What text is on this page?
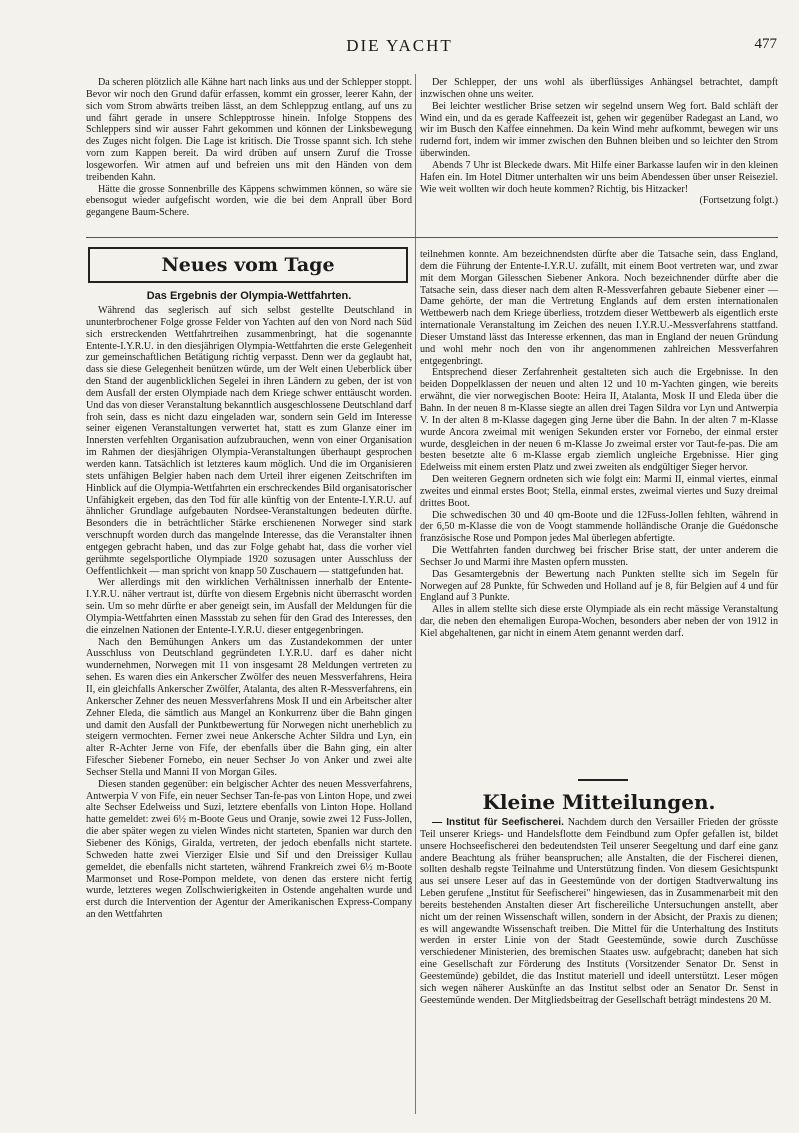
DIE YACHT	477

Da scheren plötzlich alle Kähne hart nach links aus und der Schlepper stoppt. Bevor wir noch den Grund dafür erfassen, kommt ein grosser, leerer Kahn, der sich vom Strom abwärts treiben lässt, an dem Schleppzug entlang, auf uns zu und fährt gerade in unsere Schlepptrosse hinein. Infolge Stoppens des Schleppers sind wir ausser Fahrt gekommen und können der Linksbewegung des Zuges nicht folgen. Die Lage ist kritisch. Die Trosse spannt sich. Ich stehe vorn zum Kappen bereit. Da wird drüben auf unsern Zuruf die Trosse losgeworfen. Wir atmen auf und befreien uns mit den Händen von dem treibenden Kahn.

Hätte die grosse Sonnenbrille des Käppens schwimmen können, so wäre sie ebensogut wieder aufgefischt worden, wie die bei dem Anprall über Bord gegangene Baum-Schere.

Der Schlepper, der uns wohl als überflüssiges Anhängsel betrachtet, dampft inzwischen ohne uns weiter.

Bei leichter westlicher Brise setzen wir segelnd unsern Weg fort. Bald schläft der Wind ein, und da es gerade Kaffeezeit ist, gehen wir gegenüber Radegast an Land, wo wir im Busch den Kaffee einnehmen. Da kein Wind mehr aufkommt, bewegen wir uns rudernd fort, indem wir immer zwischen den Buhnen bleiben und so leichter den Strom überwinden.

Abends 7 Uhr ist Bleckede dwars. Mit Hilfe einer Barkasse laufen wir in den kleinen Hafen ein. Im Hotel Ditmer unterhalten wir uns beim Abendessen über unser Reiseziel. Wie weit wollten wir doch heute kommen? Richtig, bis Hitzacker!

(Fortsetzung folgt.)

Neues vom Tage
Das Ergebnis der Olympia-Wettfahrten.

Während das seglerisch auf sich selbst gestellte Deutschland in ununterbrochener Folge grosse Felder von Yachten auf den von Nord nach Süd sich erstreckenden Wettfahrtreihen zusammenbringt, hat die sogenannte Entente-I.Y.R.U. in den diesjährigen Olympia-Wettfahrten die erste Gelegenheit zur gemeinschaftlichen Betätigung richtig verpasst. Denn wer da geglaubt hat, dass sie diese Gelegenheit benützen würde, um der Welt einen Ueberblick über den Stand der augenblicklichen Segelei in ihren Ländern zu geben, der ist von dem Ausfall der ersten Olympiade nach dem Kriege schwer enttäuscht worden. Und das von dieser Veranstaltung bekanntlich ausgeschlossene Deutschland darf froh sein, dass es nicht dazu eingeladen war, sondern sein Geld im Interesse seiner eigenen Veranstaltungen verwertet hat, statt es zum Glanze einer im Innersten verfehlten Organisation aufzubrauchen, wenn von einer Organisation im Rahmen der diesjährigen Olympia-Veranstaltungen überhaupt gesprochen werden kann. Tatsächlich ist letzteres kaum möglich. Und die im Organisieren stets unfähigen Belgier haben nach dem Urteil ihrer eigenen Zeitschriften im Hinblick auf die Olympia-Wettfahrten ein erschreckendes Bild organisatorischer Unfähigkeit ergeben, das den Tod für alle künftig von der Entente-I.Y.R.U. auf ähnlicher Grundlage aufgebauten Nordsee-Veranstaltungen bedeuten dürfte. Besonders die in beträchtlicher Stärke erschienenen Norweger sind stark verschnupft worden durch das mangelnde Interesse, das die Veranstalter ihnen entgegen gebracht haben, und das zur Folge gehabt hat, dass die vorher viel gerühmte segelsportliche Olympiade 1920 sozusagen unter Ausschluss der Oeffentlichkeit — man spricht von knapp 50 Zuschauern — stattgefunden hat.

Wer allerdings mit den wirklichen Verhältnissen innerhalb der Entente-I.Y.R.U. näher vertraut ist, dürfte von diesem Ergebnis nicht überrascht worden sein. Um so mehr dürfte er aber geneigt sein, im Ausfall der Meldungen für die Olympia-Wettfahrten einen Massstab zu sehen für den Grad des Interesses, den die einzelnen Nationen der Entente-I.Y.R.U. dieser entgegenbringen.

Nach den Bemühungen Ankers um das Zustandekommen der unter Ausschluss von Deutschland gegründeten I.Y.R.U. darf es daher nicht wundernehmen, Norwegen mit 11 von insgesamt 28 Meldungen vertreten zu sehen. Es waren dies ein Ankerscher Zwölfer des neuen Messverfahrens, Heira II, ein gleichfalls Ankerscher Zwölfer, Atalanta, des alten R-Messverfahrens, ein Ankerscher Zehner des neuen Messverfahrens Mosk II und ein Arbeitscher alter Zehner Eleda, die sämtlich aus Mangel an Konkurrenz über die Bahn gingen und damit den Ausfall der Punktbewertung für Norwegen nicht unerheblich zu steigern vermochten. Ferner zwei neue Ankersche Achter Sildra und Lyn, ein alter R-Achter Jerne von Fife, der ebenfalls über die Bahn ging, ein alter Fifescher Siebener Fornebo, ein neuer Sechser Jo von Anker und zwei alte Sechser Stella und Manni II von Morgan Giles.

Diesen standen gegenüber: ein belgischer Achter des neuen Messverfahrens, Antwerpia V von Fife, ein neuer Sechser Tan-fe-pas von Linton Hope, und zwei alte Sechser Edelweiss und Suzi, letztere ebenfalls von Linton Hope. Holland hatte gemeldet: zwei 6½ m-Boote Geus und Oranje, sowie zwei 12 Fuss-Jollen, die aber später wegen zu vielen Windes nicht starteten, Spanien war durch den Siebener des Königs, Giralda, vertreten, der jedoch ebenfalls nicht startete. Schweden hatte zwei Vierziger Elsie und Sif und den Dreissiger Kullau gemeldet, die ebenfalls nicht starteten, während Frankreich zwei 6½ m-Boote Marmonset und Rose-Pompon meldete, von denen das erstere nicht fertig wurde, letzteres wegen Zollschwierigkeiten in Ostende angehalten wurde und erst durch die Intervention der Agentur der Amerikanischen Express-Company an den Wettfahrten

teilnehmen konnte. Am bezeichnendsten dürfte aber die Tatsache sein, dass England, dem die Führung der Entente-I.Y.R.U. zufällt, mit einem Boot vertreten war, und zwar mit dem Morgan Gilesschen Siebener Ankora. Noch bezeichnender dürfte aber die Tatsache sein, dass dieser nach dem alten R-Messverfahren gebaute Siebener einer — Dame gehörte, der man die Vertretung Englands auf dem ersten internationalen Wettbewerb nach dem Kriege überliess, trotzdem dieser Wettbewerb als eigentlich erste internationale Veranstaltung im Zeichen des neuen I.Y.R.U.-Messverfahrens stattfand. Dieser Umstand lässt das Interesse erkennen, das man in England der neuen Gründung und wohl mehr noch den von ihr angenommenen zahlreichen Messverfahren entgegenbringt.

Entsprechend dieser Zerfahrenheit gestalteten sich auch die Ergebnisse. In den beiden Doppelklassen der neuen und alten 12 und 10 m-Yachten gingen, wie bereits erwähnt, die vier norwegischen Boote: Heira II, Atalanta, Mosk II und Eleda über die Bahn. In der neuen 8 m-Klasse siegte an allen drei Tagen Sildra vor Lyn und Antwerpia V. In der alten 8 m-Klasse dagegen ging Jerne über die Bahn. In der alten 7 m-Klasse wurde Ancora zweimal mit wenigen Sekunden erster vor Fornebo, der einmal erster wurde, desgleichen in der neuen 6 m-Klasse Jo zweimal erster vor Taut-fe-pas. Die am besten besetzte alte 6 m-Klasse ergab ziemlich ungleiche Ergebnisse. Hier ging Edelweiss mit einem ersten Platz und zwei zweiten als endgültiger Sieger hervor.

Den weiteren Gegnern ordneten sich wie folgt ein: Marmi II, einmal viertes, einmal zweites und einmal erstes Boot; Stella, einmal erstes, zweimal viertes und Suzy dreimal drittes Boot.

Die schwedischen 30 und 40 qm-Boote und die 12Fuss-Jollen fehlten, während in der 6,50 m-Klasse die von de Voogt stammende holländische Oranje die Guédonsche französische Rose und Pompon jedes Mal überlegen abfertigte.

Die Wettfahrten fanden durchweg bei frischer Brise statt, der unter anderem die Sechser Jo und Marmi ihre Masten opfern mussten.

Das Gesamtergebnis der Bewertung nach Punkten stellte sich im Segeln für Norwegen auf 28 Punkte, für Schweden und Holland auf je 8, für Belgien auf 4 und für England auf 3 Punkte.

Alles in allem stellte sich diese erste Olympiade als ein recht mässige Veranstaltung dar, die neben den ehemaligen Europa-Wochen, besonders aber neben der von 1912 in Kiel abgehaltenen, gar nicht in einem Atem genannt werden darf.

Kleine Mitteilungen.

— Institut für Seefischerei. Nachdem durch den Versailler Frieden der grösste Teil unserer Kriegs- und Handelsflotte dem Feindbund zum Opfer gefallen ist, bildet unsere Hochseefischerei den bedeutendsten Teil unserer Seegeltung und darf eine ganz andere Beachtung als früher beanspruchen; alle Anstalten, die der Fischerei dienen, sollten deshalb regste Teilnahme und Unterstützung finden. Von diesem Gesichtspunkt aus sei unsere Leser auf das in Geestemünde von der dortigen Stadtverwaltung ins Leben gerufene „Institut für Seefischerei" hingewiesen, das in Zusammenarbeit mit den bereits bestehenden Anstalten dieser Art fischereiliche Untersuchungen anstellt, aber nicht um der reinen Wissenschaft willen, sondern in der Absicht, der Praxis zu dienen; es will angewandte Wissenschaft treiben. Die Mittel für die Unterhaltung des Instituts werden in erster Linie von der Stadt Geestemünde, sowie durch Zuschüsse verschiedener Ministerien, des bremischen Staates usw. aufgebracht; daneben hat sich eine Gesellschaft zur Förderung des Instituts (Vorsitzender Senator Dr. Senst in Geestemünde) gebildet, die das Institut materiell und ideell unterstützt. Leser mögen sich wegen näherer Auskünfte an das Institut selbst oder an Senator Dr. Senst in Geestemünde wenden. Der Mitgliedsbeitrag der Gesellschaft beträgt mindestens 20 M.
